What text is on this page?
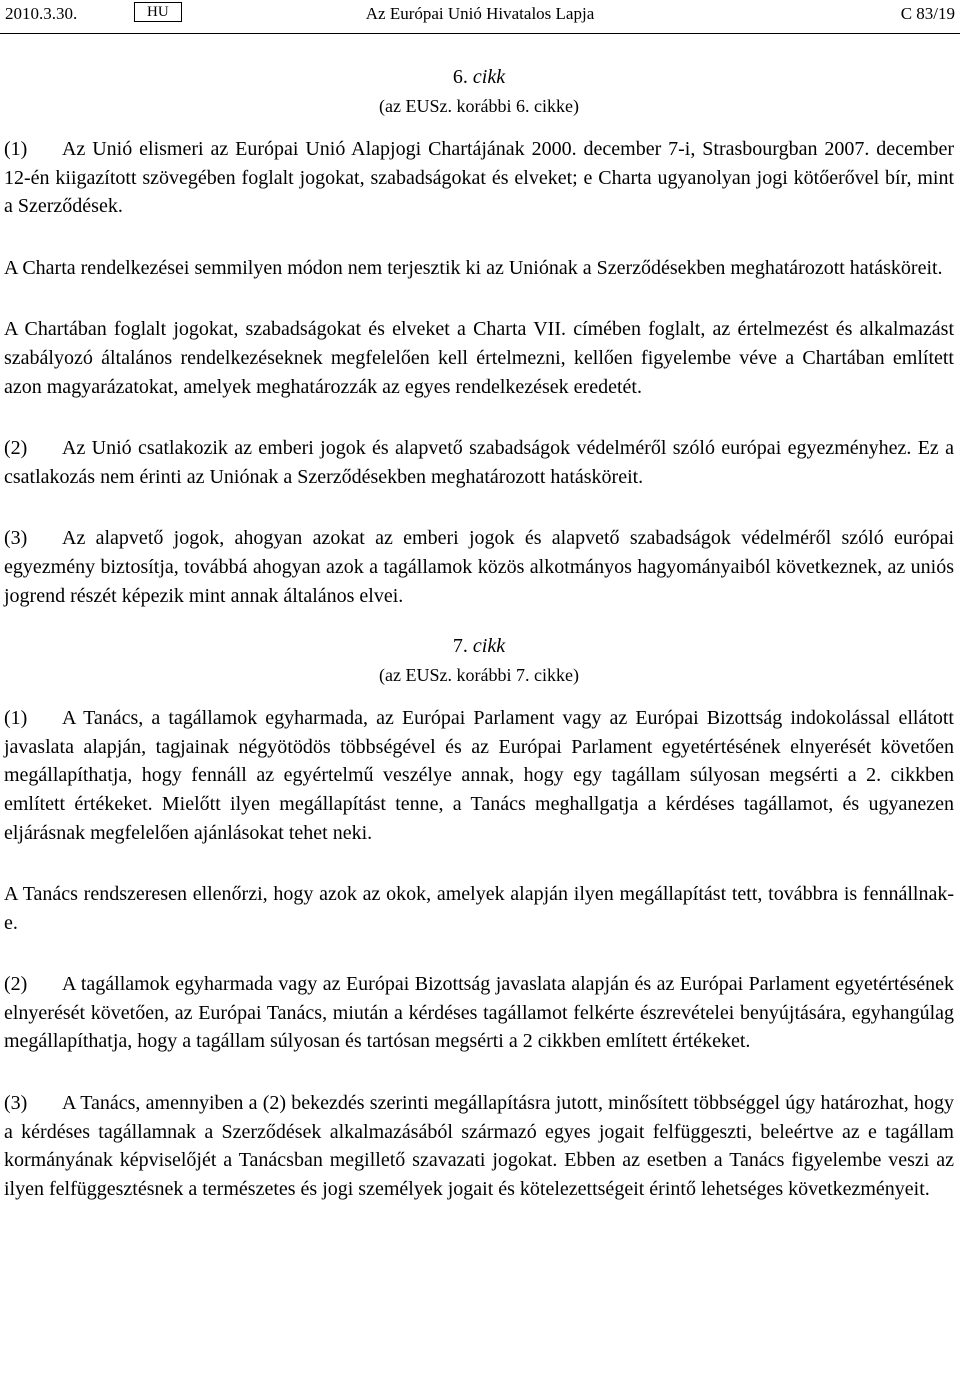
2010.3.30.	Az Európai Unió Hivatalos Lapja
HU	C 83/19
6. cikk
(az EUSz. korábbi 6. cikke)

(1) Az Unió elismeri az Európai Unió Alapjogi Chartájának 2000. december 7-i, Strasbourgban 2007. december 12-én kiigazított szövegében foglalt jogokat, szabadságokat és elveket; e Charta ugyanolyan jogi kötőerővel bír, mint a Szerződések.

A Charta rendelkezései semmilyen módon nem terjesztik ki az Uniónak a Szerződésekben meghatározott hatásköreit.

A Chartában foglalt jogokat, szabadságokat és elveket a Charta VII. címében foglalt, az értelmezést és alkalmazást szabályozó általános rendelkezéseknek megfelelően kell értelmezni, kellően figyelembe véve a Chartában említett azon magyarázatokat, amelyek meghatározzák az egyes rendelkezések eredetét.

(2) Az Unió csatlakozik az emberi jogok és alapvető szabadságok védelméről szóló európai egyezményhez. Ez a csatlakozás nem érinti az Uniónak a Szerződésekben meghatározott hatásköreit.

(3) Az alapvető jogok, ahogyan azokat az emberi jogok és alapvető szabadságok védelméről szóló európai egyezmény biztosítja, továbbá ahogyan azok a tagállamok közös alkotmányos hagyományaiból következnek, az uniós jogrend részét képezik mint annak általános elvei.

7. cikk
(az EUSz. korábbi 7. cikke)

(1) A Tanács, a tagállamok egyharmada, az Európai Parlament vagy az Európai Bizottság indokolással ellátott javaslata alapján, tagjainak négyötödös többségével és az Európai Parlament egyetértésének elnyerését követően megállapíthatja, hogy fennáll az egyértelmű veszélye annak, hogy egy tagállam súlyosan megsérti a 2. cikkben említett értékeket. Mielőtt ilyen megállapítást tenne, a Tanács meghallgatja a kérdéses tagállamot, és ugyanezen eljárásnak megfelelően ajánlásokat tehet neki.

A Tanács rendszeresen ellenőrzi, hogy azok az okok, amelyek alapján ilyen megállapítást tett, továbbra is fennállnak-e.

(2) A tagállamok egyharmada vagy az Európai Bizottság javaslata alapján és az Európai Parlament egyetértésének elnyerését követően, az Európai Tanács, miután a kérdéses tagállamot felkérte észrevételei benyújtására, egyhangúlag megállapíthatja, hogy a tagállam súlyosan és tartósan megsérti a 2 cikkben említett értékeket.

(3) A Tanács, amennyiben a (2) bekezdés szerinti megállapításra jutott, minősített többséggel úgy határozhat, hogy a kérdéses tagállamnak a Szerződések alkalmazásából származó egyes jogait felfüggeszti, beleértve az e tagállam kormányának képviselőjét a Tanácsban megillető szavazati jogokat. Ebben az esetben a Tanács figyelembe veszi az ilyen felfüggesztésnek a természetes és jogi személyek jogait és kötelezettségeit érintő lehetséges következményeit.
